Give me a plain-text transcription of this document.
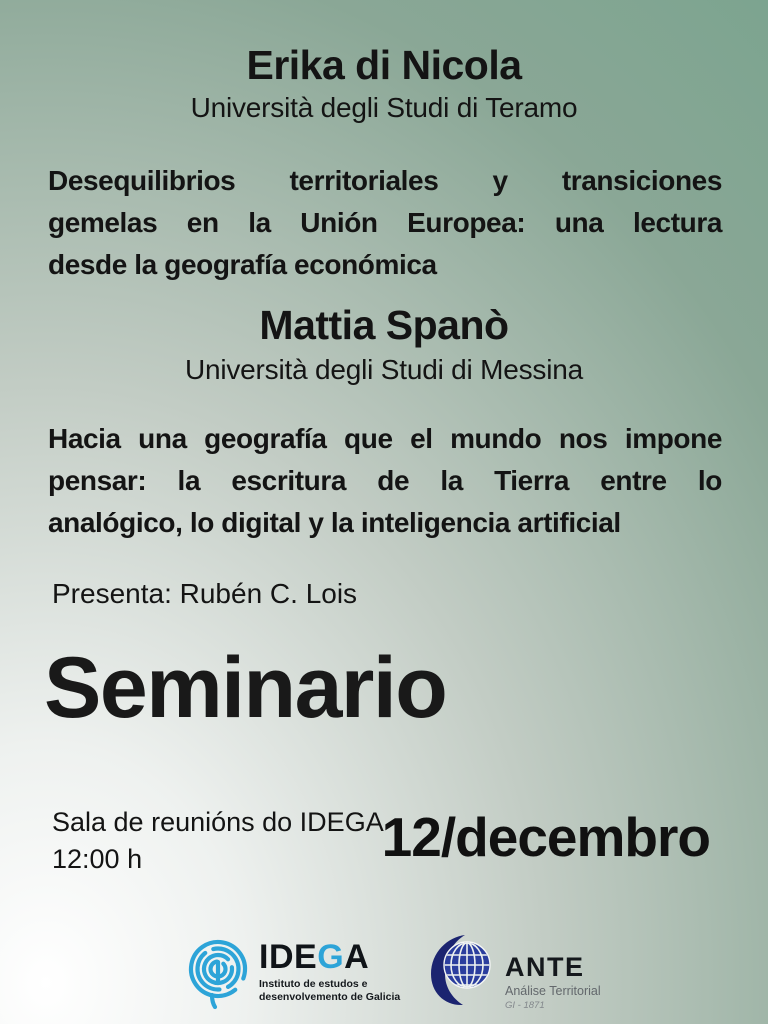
Erika di Nicola
Università degli Studi di Teramo
Desequilibrios territoriales y transiciones
gemelas en la Unión Europea: una lectura
desde la geografía económica
Mattia Spanò
Università degli Studi di Messina
Hacia una geografía que el mundo nos impone
pensar: la escritura de la Tierra entre lo
analógico, lo digital y la inteligencia artificial
Presenta: Rubén C. Lois
Seminario
Sala de reunións do IDEGA
12:00 h	12/decembro
IDEGA
Instituto de estudos e
desenvolvemento de Galicia
ANTE
Análise Territorial
GI - 1871
